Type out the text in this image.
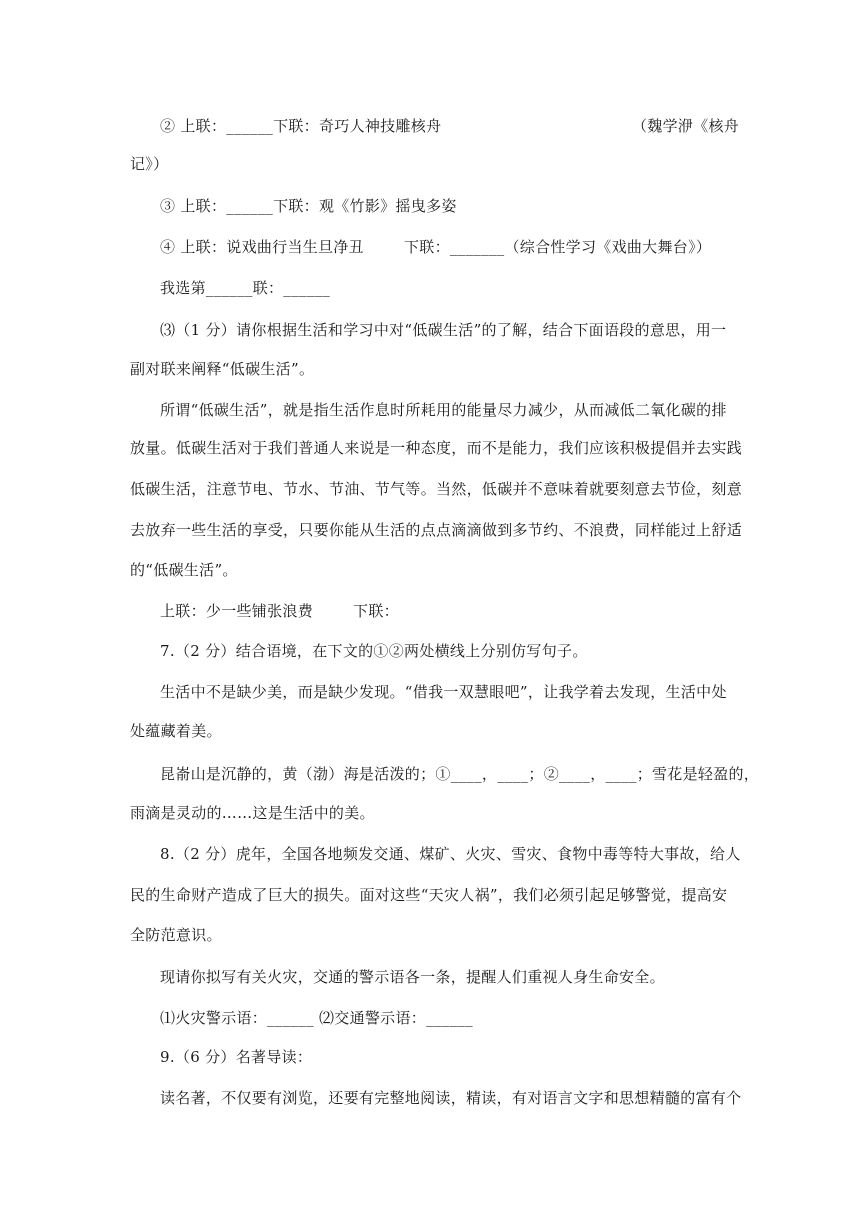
② 上联：______下联：奇巧人神技雕核舟	（魏学洢《核舟
记》）
③ 上联：______下联：观《竹影》摇曳多姿
④ 上联：说戏曲行当生旦净丑	下联：_______（综合性学习《戏曲大舞台》）
我选第______联：______
⑶（1 分）请你根据生活和学习中对“低碳生活”的了解，结合下面语段的意思，用一
副对联来阐释“低碳生活”。
所谓“低碳生活”，就是指生活作息时所耗用的能量尽力减少，从而减低二氧化碳的排
放量。低碳生活对于我们普通人来说是一种态度，而不是能力，我们应该积极提倡并去实践
低碳生活，注意节电、节水、节油、节气等。当然，低碳并不意味着就要刻意去节俭，刻意
去放弃一些生活的享受，只要你能从生活的点点滴滴做到多节约、不浪费，同样能过上舒适
的“低碳生活”。
上联：少一些铺张浪费	下联：
7.（2 分）结合语境，在下文的①②两处横线上分别仿写句子。
生活中不是缺少美，而是缺少发现。“借我一双慧眼吧”，让我学着去发现，生活中处
处蕴藏着美。
昆嵛山是沉静的，黄（渤）海是活泼的；①____，____；②____，____；雪花是轻盈的，
雨滴是灵动的……这是生活中的美。
8.（2 分）虎年，全国各地频发交通、煤矿、火灾、雪灾、食物中毒等特大事故，给人
民的生命财产造成了巨大的损失。面对这些“天灾人祸”，我们必须引起足够警觉，提高安
全防范意识。
现请你拟写有关火灾，交通的警示语各一条，提醒人们重视人身生命安全。
⑴火灾警示语：______ ⑵交通警示语：______
9.（6 分）名著导读：
读名著，不仅要有浏览，还要有完整地阅读，精读，有对语言文字和思想精髓的富有个
